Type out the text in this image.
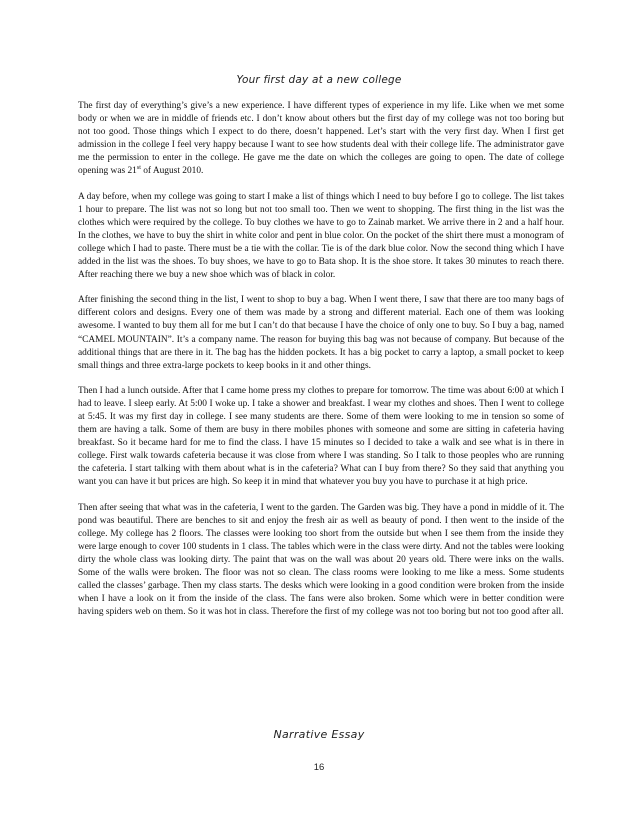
Your first day at a new college

The first day of everything’s give’s a new experience. I have different types of experience in my life. Like when we met some body or when we are in middle of friends etc. I don’t know about others but the first day of my college was not too boring but not too good. Those things which I expect to do there, doesn’t happened. Let’s start with the very first day. When I first get admission in the college I feel very happy because I want to see how students deal with their college life. The administrator gave me the permission to enter in the college. He gave me the date on which the colleges are going to open. The date of college opening was 21st of August 2010.

A day before, when my college was going to start I make a list of things which I need to buy before I go to college. The list takes 1 hour to prepare. The list was not so long but not too small too. Then we went to shopping. The first thing in the list was the clothes which were required by the college. To buy clothes we have to go to Zainab market. We arrive there in 2 and a half hour. In the clothes, we have to buy the shirt in white color and pent in blue color. On the pocket of the shirt there must a monogram of college which I had to paste. There must be a tie with the collar. Tie is of the dark blue color. Now the second thing which I have added in the list was the shoes. To buy shoes, we have to go to Bata shop. It is the shoe store. It takes 30 minutes to reach there. After reaching there we buy a new shoe which was of black in color.

After finishing the second thing in the list, I went to shop to buy a bag. When I went there, I saw that there are too many bags of different colors and designs. Every one of them was made by a strong and different material. Each one of them was looking awesome. I wanted to buy them all for me but I can’t do that because I have the choice of only one to buy. So I buy a bag, named “CAMEL MOUNTAIN”. It’s a company name. The reason for buying this bag was not because of company. But because of the additional things that are there in it. The bag has the hidden pockets. It has a big pocket to carry a laptop, a small pocket to keep small things and three extra-large pockets to keep books in it and other things.

Then I had a lunch outside. After that I came home press my clothes to prepare for tomorrow. The time was about 6:00 at which I had to leave. I sleep early. At 5:00 I woke up. I take a shower and breakfast. I wear my clothes and shoes. Then I went to college at 5:45. It was my first day in college. I see many students are there. Some of them were looking to me in tension so some of them are having a talk. Some of them are busy in there mobiles phones with someone and some are sitting in cafeteria having breakfast. So it became hard for me to find the class. I have 15 minutes so I decided to take a walk and see what is in there in college. First walk towards cafeteria because it was close from where I was standing. So I talk to those peoples who are running the cafeteria. I start talking with them about what is in the cafeteria? What can I buy from there? So they said that anything you want you can have it but prices are high. So keep it in mind that whatever you buy you have to purchase it at high price.

Then after seeing that what was in the cafeteria, I went to the garden. The Garden was big. They have a pond in middle of it. The pond was beautiful. There are benches to sit and enjoy the fresh air as well as beauty of pond. I then went to the inside of the college. My college has 2 floors. The classes were looking too short from the outside but when I see them from the inside they were large enough to cover 100 students in 1 class. The tables which were in the class were dirty. And not the tables were looking dirty the whole class was looking dirty. The paint that was on the wall was about 20 years old. There were inks on the walls. Some of the walls were broken. The floor was not so clean. The class rooms were looking to me like a mess. Some students called the classes’ garbage. Then my class starts. The desks which were looking in a good condition were broken from the inside when I have a look on it from the inside of the class. The fans were also broken. Some which were in better condition were having spiders web on them. So it was hot in class. Therefore the first of my college was not too boring but not too good after all.

Narrative Essay
16
